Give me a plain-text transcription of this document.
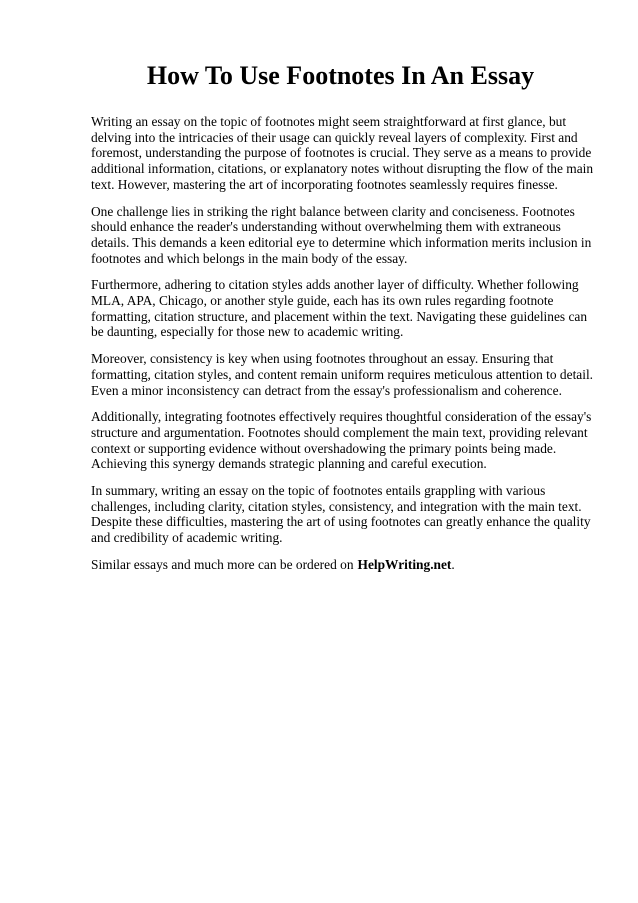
How To Use Footnotes In An Essay

Writing an essay on the topic of footnotes might seem straightforward at first glance, but delving into the intricacies of their usage can quickly reveal layers of complexity. First and foremost, understanding the purpose of footnotes is crucial. They serve as a means to provide additional information, citations, or explanatory notes without disrupting the flow of the main text. However, mastering the art of incorporating footnotes seamlessly requires finesse.

One challenge lies in striking the right balance between clarity and conciseness. Footnotes should enhance the reader's understanding without overwhelming them with extraneous details. This demands a keen editorial eye to determine which information merits inclusion in footnotes and which belongs in the main body of the essay.

Furthermore, adhering to citation styles adds another layer of difficulty. Whether following MLA, APA, Chicago, or another style guide, each has its own rules regarding footnote formatting, citation structure, and placement within the text. Navigating these guidelines can be daunting, especially for those new to academic writing.

Moreover, consistency is key when using footnotes throughout an essay. Ensuring that formatting, citation styles, and content remain uniform requires meticulous attention to detail. Even a minor inconsistency can detract from the essay's professionalism and coherence.

Additionally, integrating footnotes effectively requires thoughtful consideration of the essay's structure and argumentation. Footnotes should complement the main text, providing relevant context or supporting evidence without overshadowing the primary points being made. Achieving this synergy demands strategic planning and careful execution.

In summary, writing an essay on the topic of footnotes entails grappling with various challenges, including clarity, citation styles, consistency, and integration with the main text. Despite these difficulties, mastering the art of using footnotes can greatly enhance the quality and credibility of academic writing.

Similar essays and much more can be ordered on HelpWriting.net.
